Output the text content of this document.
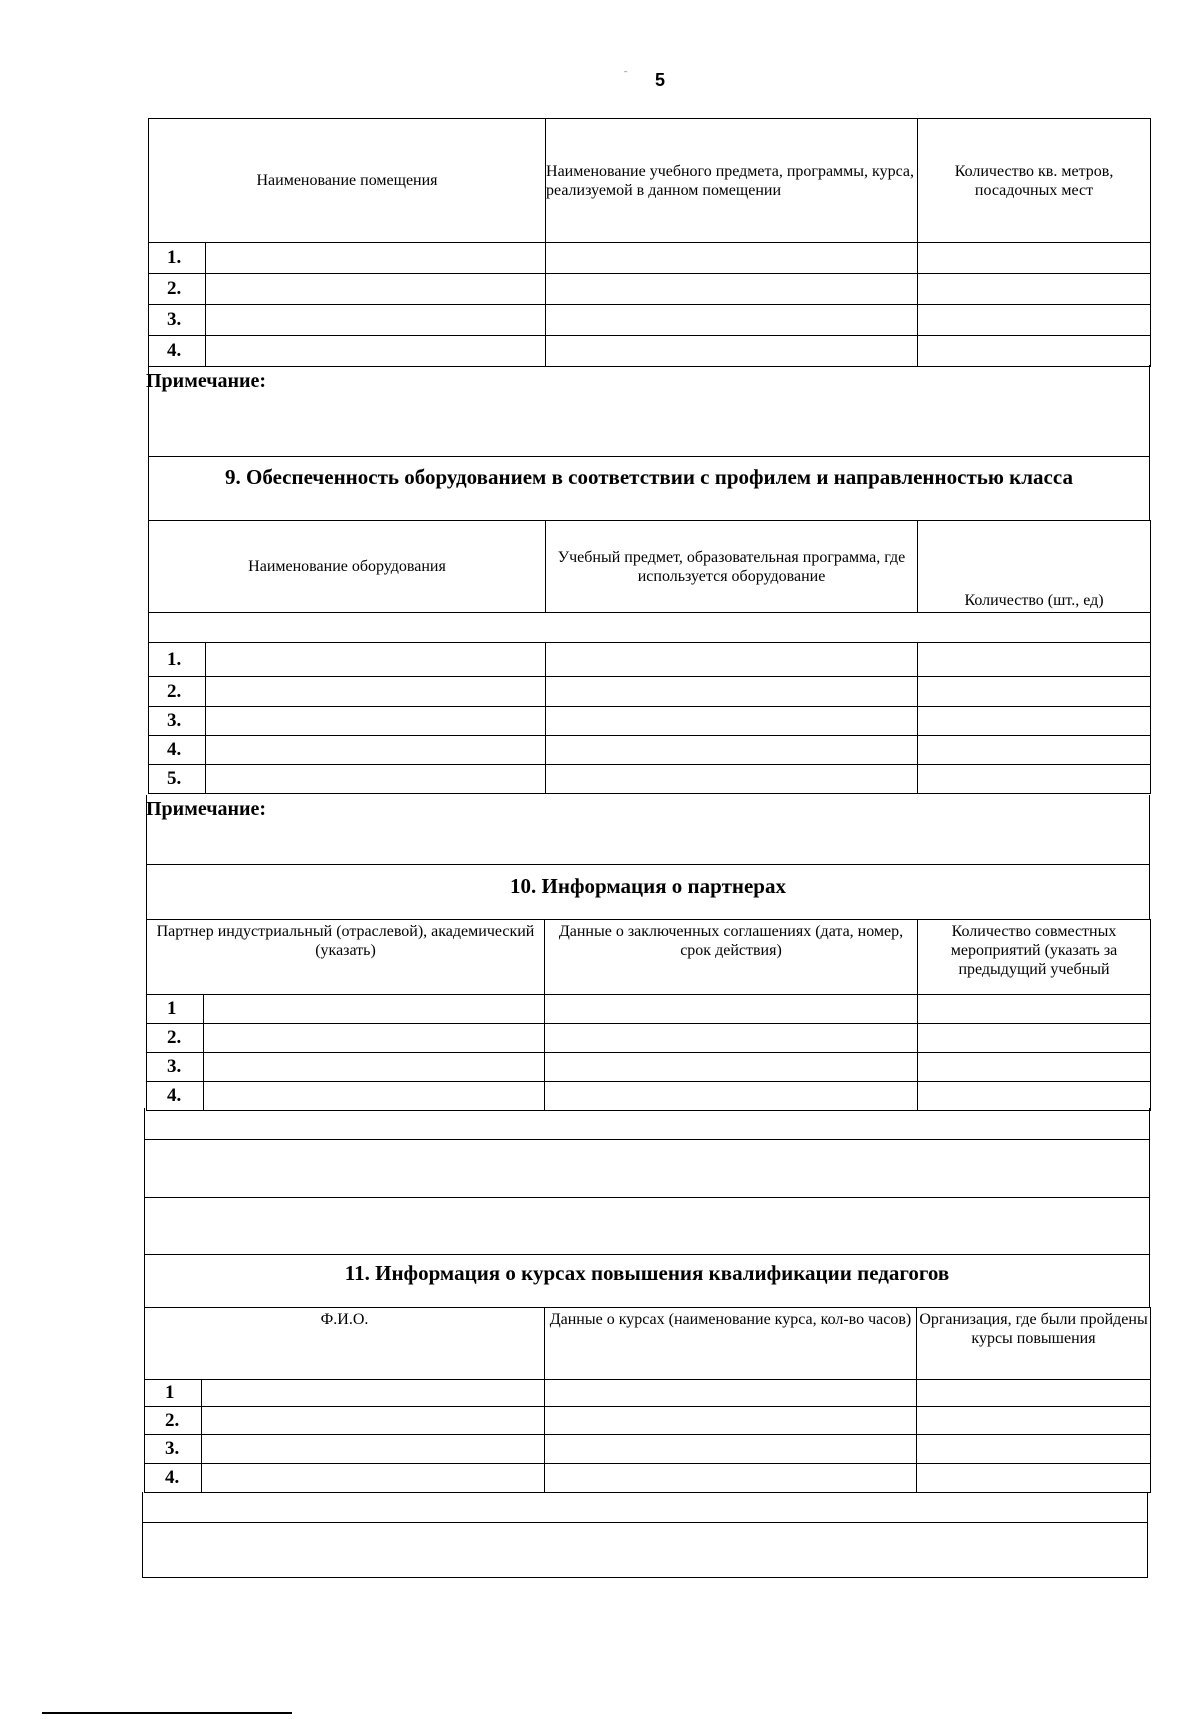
5
ˉ
Наименование помещения		Наименование учебного предмета, программы, курса, реализуемой в данном помещении	Количество кв. метров, посадочных мест
1.			
2.			
3.			
4.			
Примечание:
9. Обеспеченность оборудованием в соответствии с профилем и направленностью класса
Наименование оборудования		Учебный предмет, образовательная программа, где используется оборудование	Количество (шт., ед)

1.			
2.			
3.			
4.			
5.			
Примечание:
10. Информация о партнерах
Партнер индустриальный (отраслевой), академический (указать)		Данные о заключенных соглашениях (дата, номер, срок действия)	Количество совместных мероприятий (указать за предыдущий учебный
1			
2.			
3.			
4.			
11. Информация о курсах повышения квалификации педагогов
Ф.И.О.		Данные о курсах (наименование курса, кол-во часов)	Организация, где были пройдены курсы повышения
1			
2.			
3.			
4.			
